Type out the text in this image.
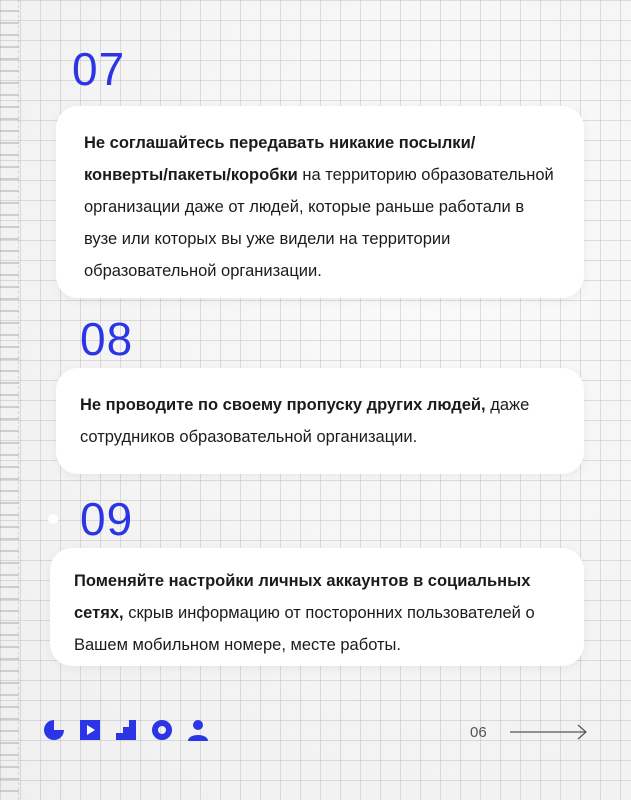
07
Не соглашайтесь передавать никакие посылки/ конверты/пакеты/коробки на территорию образовательной организации даже от людей, которые раньше работали в вузе или которых вы уже видели на территории образовательной организации.
08
Не проводите по своему пропуску других людей, даже сотрудников образовательной организации.
09
Поменяйте настройки личных аккаунтов в социальных сетях, скрыв информацию от посторонних пользователей о Вашем мобильном номере, месте работы.
06
